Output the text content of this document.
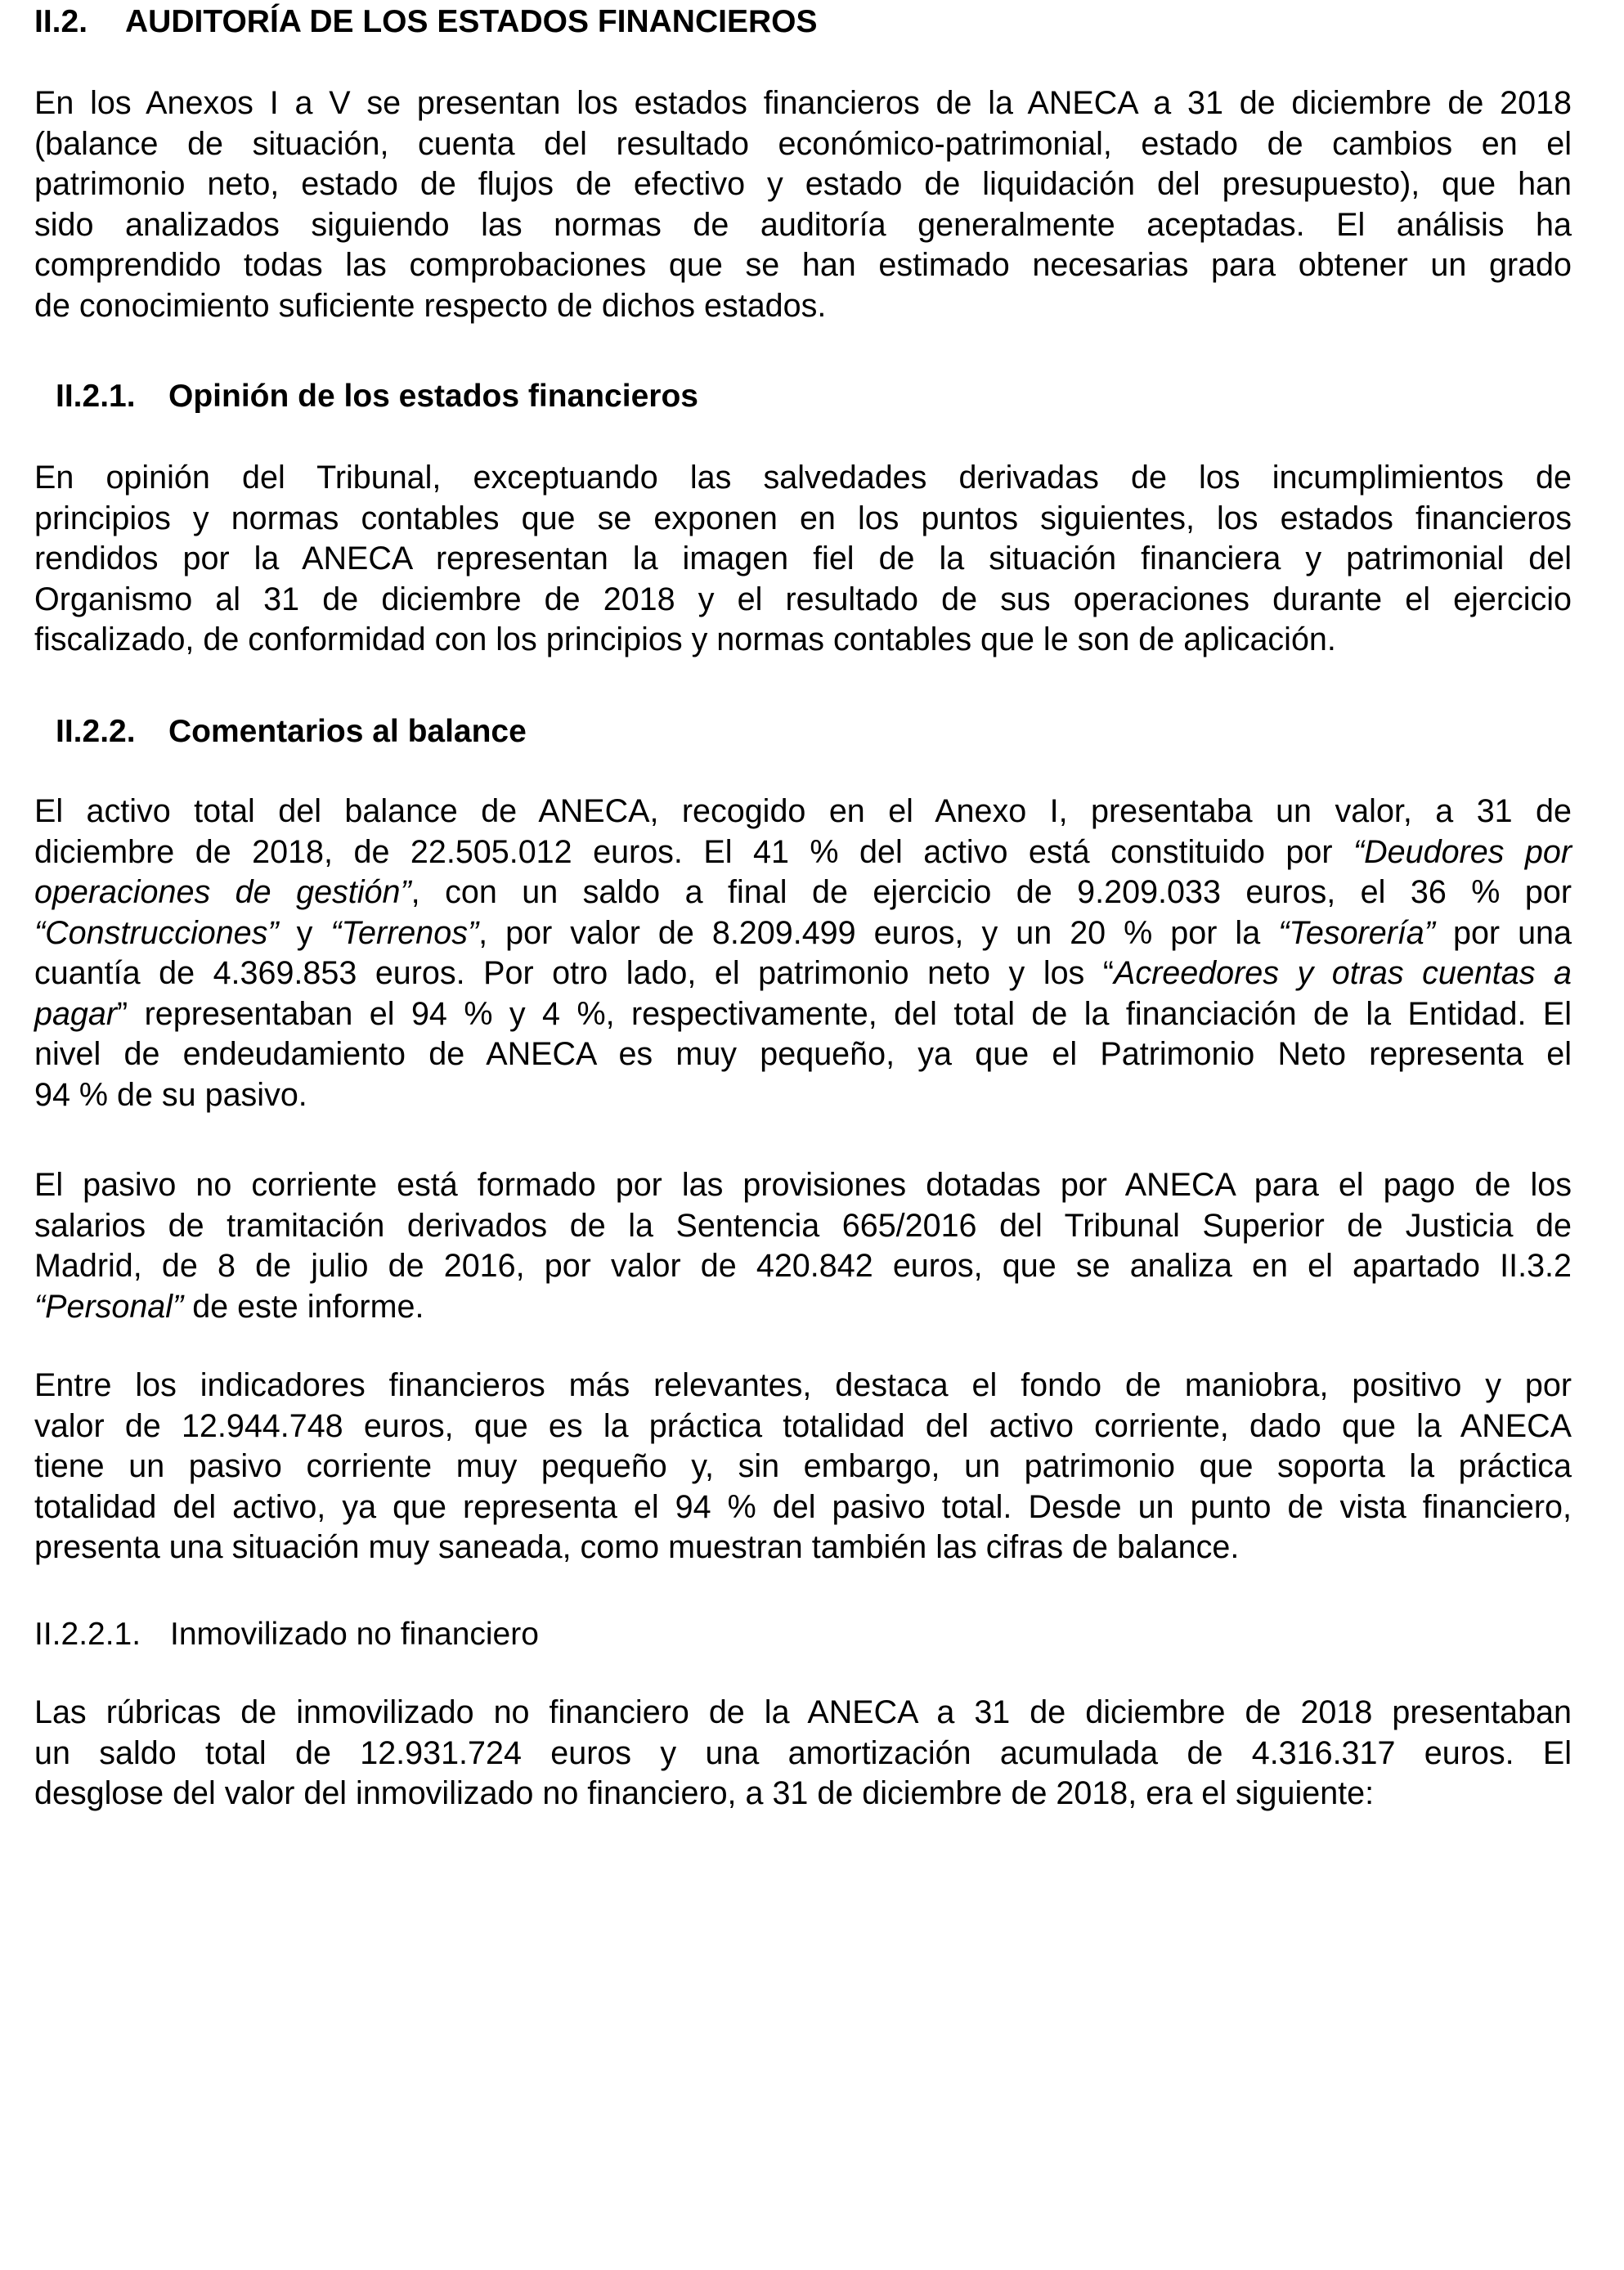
II.2. AUDITORÍA DE LOS ESTADOS FINANCIEROS
En los Anexos I a V se presentan los estados financieros de la ANECA a 31 de diciembre de 2018
(balance de situación, cuenta del resultado económico-patrimonial, estado de cambios en el
patrimonio neto, estado de flujos de efectivo y estado de liquidación del presupuesto), que han
sido analizados siguiendo las normas de auditoría generalmente aceptadas. El análisis ha
comprendido todas las comprobaciones que se han estimado necesarias para obtener un grado
de conocimiento suficiente respecto de dichos estados.
II.2.1. Opinión de los estados financieros
En opinión del Tribunal, exceptuando las salvedades derivadas de los incumplimientos de
principios y normas contables que se exponen en los puntos siguientes, los estados financieros
rendidos por la ANECA representan la imagen fiel de la situación financiera y patrimonial del
Organismo al 31 de diciembre de 2018 y el resultado de sus operaciones durante el ejercicio
fiscalizado, de conformidad con los principios y normas contables que le son de aplicación.
II.2.2. Comentarios al balance
El activo total del balance de ANECA, recogido en el Anexo I, presentaba un valor, a 31 de
diciembre de 2018, de 22.505.012 euros. El 41 % del activo está constituido por “Deudores por
operaciones de gestión”, con un saldo a final de ejercicio de 9.209.033 euros, el 36 % por
“Construcciones” y “Terrenos”, por valor de 8.209.499 euros, y un 20 % por la “Tesorería” por una
cuantía de 4.369.853 euros. Por otro lado, el patrimonio neto y los “Acreedores y otras cuentas a
pagar” representaban el 94 % y 4 %, respectivamente, del total de la financiación de la Entidad. El
nivel de endeudamiento de ANECA es muy pequeño, ya que el Patrimonio Neto representa el
94 % de su pasivo.
El pasivo no corriente está formado por las provisiones dotadas por ANECA para el pago de los
salarios de tramitación derivados de la Sentencia 665/2016 del Tribunal Superior de Justicia de
Madrid, de 8 de julio de 2016, por valor de 420.842 euros, que se analiza en el apartado II.3.2
“Personal” de este informe.
Entre los indicadores financieros más relevantes, destaca el fondo de maniobra, positivo y por
valor de 12.944.748 euros, que es la práctica totalidad del activo corriente, dado que la ANECA
tiene un pasivo corriente muy pequeño y, sin embargo, un patrimonio que soporta la práctica
totalidad del activo, ya que representa el 94 % del pasivo total. Desde un punto de vista financiero,
presenta una situación muy saneada, como muestran también las cifras de balance.
II.2.2.1. Inmovilizado no financiero
Las rúbricas de inmovilizado no financiero de la ANECA a 31 de diciembre de 2018 presentaban
un saldo total de 12.931.724 euros y una amortización acumulada de 4.316.317 euros. El
desglose del valor del inmovilizado no financiero, a 31 de diciembre de 2018, era el siguiente:
